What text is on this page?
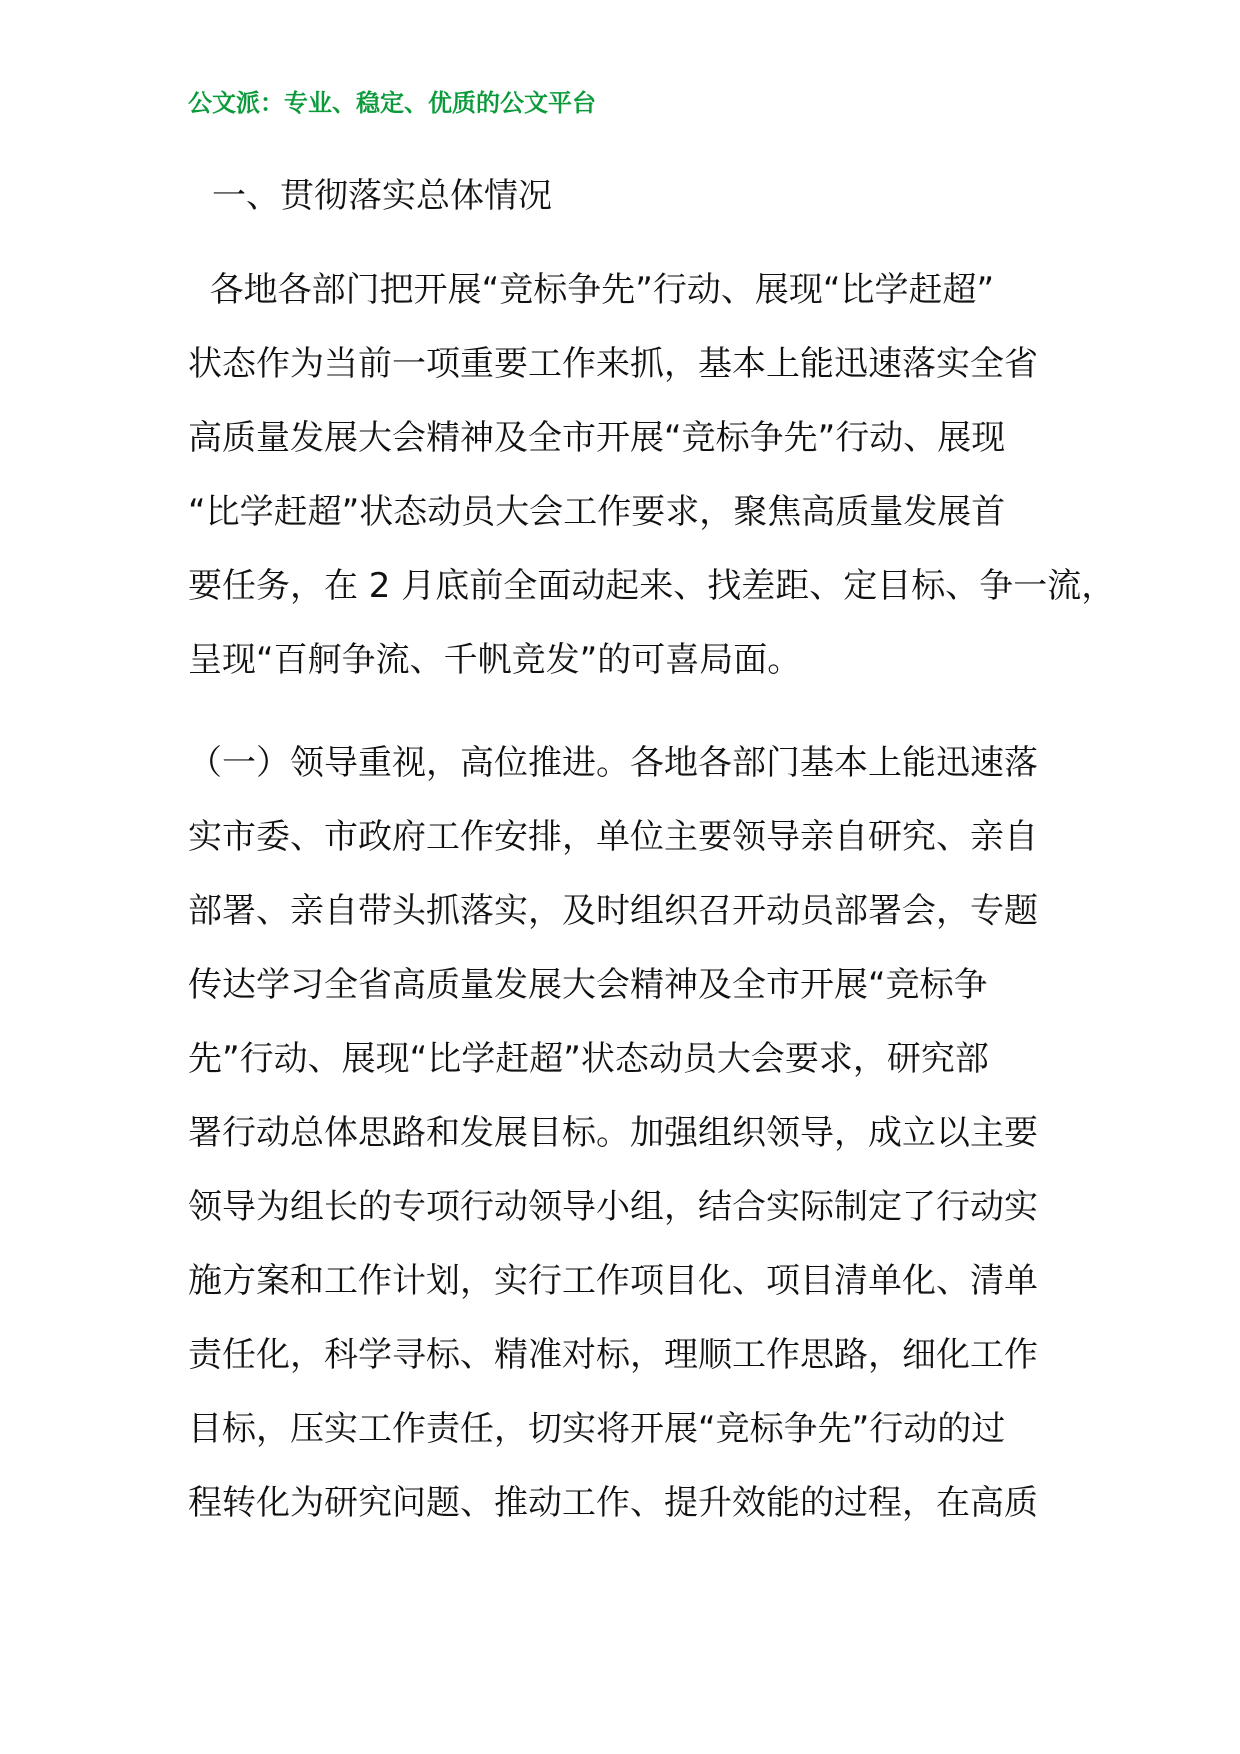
公文派：专业、稳定、优质的公文平台
一、贯彻落实总体情况
各地各部门把开展“竞标争先”行动、展现“比学赶超”
状态作为当前一项重要工作来抓，基本上能迅速落实全省
高质量发展大会精神及全市开展“竞标争先”行动、展现
“比学赶超”状态动员大会工作要求，聚焦高质量发展首
要任务，在 2 月底前全面动起来、找差距、定目标、争一流，
呈现“百舸争流、千帆竞发”的可喜局面。
（一）领导重视，高位推进。各地各部门基本上能迅速落
实市委、市政府工作安排，单位主要领导亲自研究、亲自
部署、亲自带头抓落实，及时组织召开动员部署会，专题
传达学习全省高质量发展大会精神及全市开展“竞标争
先”行动、展现“比学赶超”状态动员大会要求，研究部
署行动总体思路和发展目标。加强组织领导，成立以主要
领导为组长的专项行动领导小组，结合实际制定了行动实
施方案和工作计划，实行工作项目化、项目清单化、清单
责任化，科学寻标、精准对标，理顺工作思路，细化工作
目标，压实工作责任，切实将开展“竞标争先”行动的过
程转化为研究问题、推动工作、提升效能的过程，在高质
